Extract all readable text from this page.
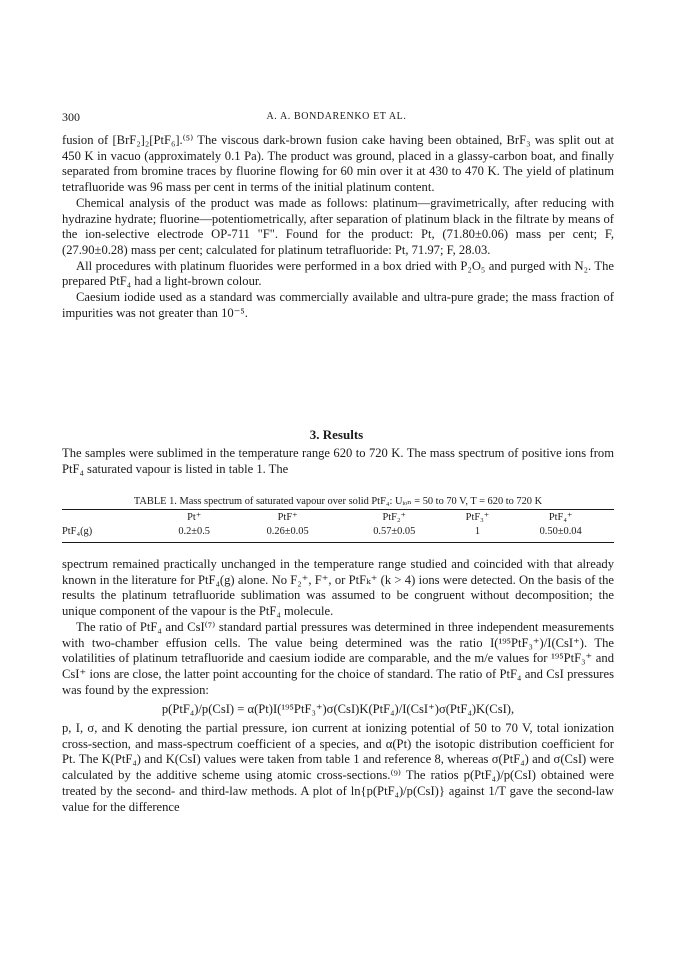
300	A. A. BONDARENKO ET AL.

fusion of [BrF₂]₂[PtF₆].⁽⁵⁾ The viscous dark-brown fusion cake having been obtained, BrF₃ was split out at 450 K in vacuo (approximately 0.1 Pa). The product was ground, placed in a glassy-carbon boat, and finally separated from bromine traces by fluorine flowing for 60 min over it at 430 to 470 K. The yield of platinum tetrafluoride was 96 mass per cent in terms of the initial platinum content.

Chemical analysis of the product was made as follows: platinum—gravimetrically, after reducing with hydrazine hydrate; fluorine—potentiometrically, after separation of platinum black in the filtrate by means of the ion-selective electrode OP-711 "F". Found for the product: Pt, (71.80±0.06) mass per cent; F, (27.90±0.28) mass per cent; calculated for platinum tetrafluoride: Pt, 71.97; F, 28.03.

All procedures with platinum fluorides were performed in a box dried with P₂O₅ and purged with N₂. The prepared PtF₄ had a light-brown colour.

Caesium iodide used as a standard was commercially available and ultra-pure grade; the mass fraction of impurities was not greater than 10⁻⁵.

3. Results

The samples were sublimed in the temperature range 620 to 720 K. The mass spectrum of positive ions from PtF₄ saturated vapour is listed in table 1. The

TABLE 1. Mass spectrum of saturated vapour over solid PtF₄: Uᵢₒₙ = 50 to 70 V, T = 620 to 720 K
	Pt⁺	PtF⁺	PtF₂⁺	PtF₃⁺	PtF₄⁺
PtF₄(g)	0.2±0.5	0.26±0.05	0.57±0.05	1	0.50±0.04

spectrum remained practically unchanged in the temperature range studied and coincided with that already known in the literature for PtF₄(g) alone. No F₂⁺, F⁺, or PtFₖ⁺ (k > 4) ions were detected. On the basis of the results the platinum tetrafluoride sublimation was assumed to be congruent without decomposition; the unique component of the vapour is the PtF₄ molecule.

The ratio of PtF₄ and CsI⁽⁷⁾ standard partial pressures was determined in three independent measurements with two-chamber effusion cells. The value being determined was the ratio I(¹⁹⁵PtF₃⁺)/I(CsI⁺). The volatilities of platinum tetrafluoride and caesium iodide are comparable, and the m/e values for ¹⁹⁵PtF₃⁺ and CsI⁺ ions are close, the latter point accounting for the choice of standard. The ratio of PtF₄ and CsI pressures was found by the expression:

p(PtF₄)/p(CsI) = α(Pt)I(¹⁹⁵PtF₃⁺)σ(CsI)K(PtF₄)/I(CsI⁺)σ(PtF₄)K(CsI),

p, I, σ, and K denoting the partial pressure, ion current at ionizing potential of 50 to 70 V, total ionization cross-section, and mass-spectrum coefficient of a species, and α(Pt) the isotopic distribution coefficient for Pt. The K(PtF₄) and K(CsI) values were taken from table 1 and reference 8, whereas σ(PtF₄) and σ(CsI) were calculated by the additive scheme using atomic cross-sections.⁽⁹⁾ The ratios p(PtF₄)/p(CsI) obtained were treated by the second- and third-law methods. A plot of ln{p(PtF₄)/p(CsI)} against 1/T gave the second-law value for the difference
